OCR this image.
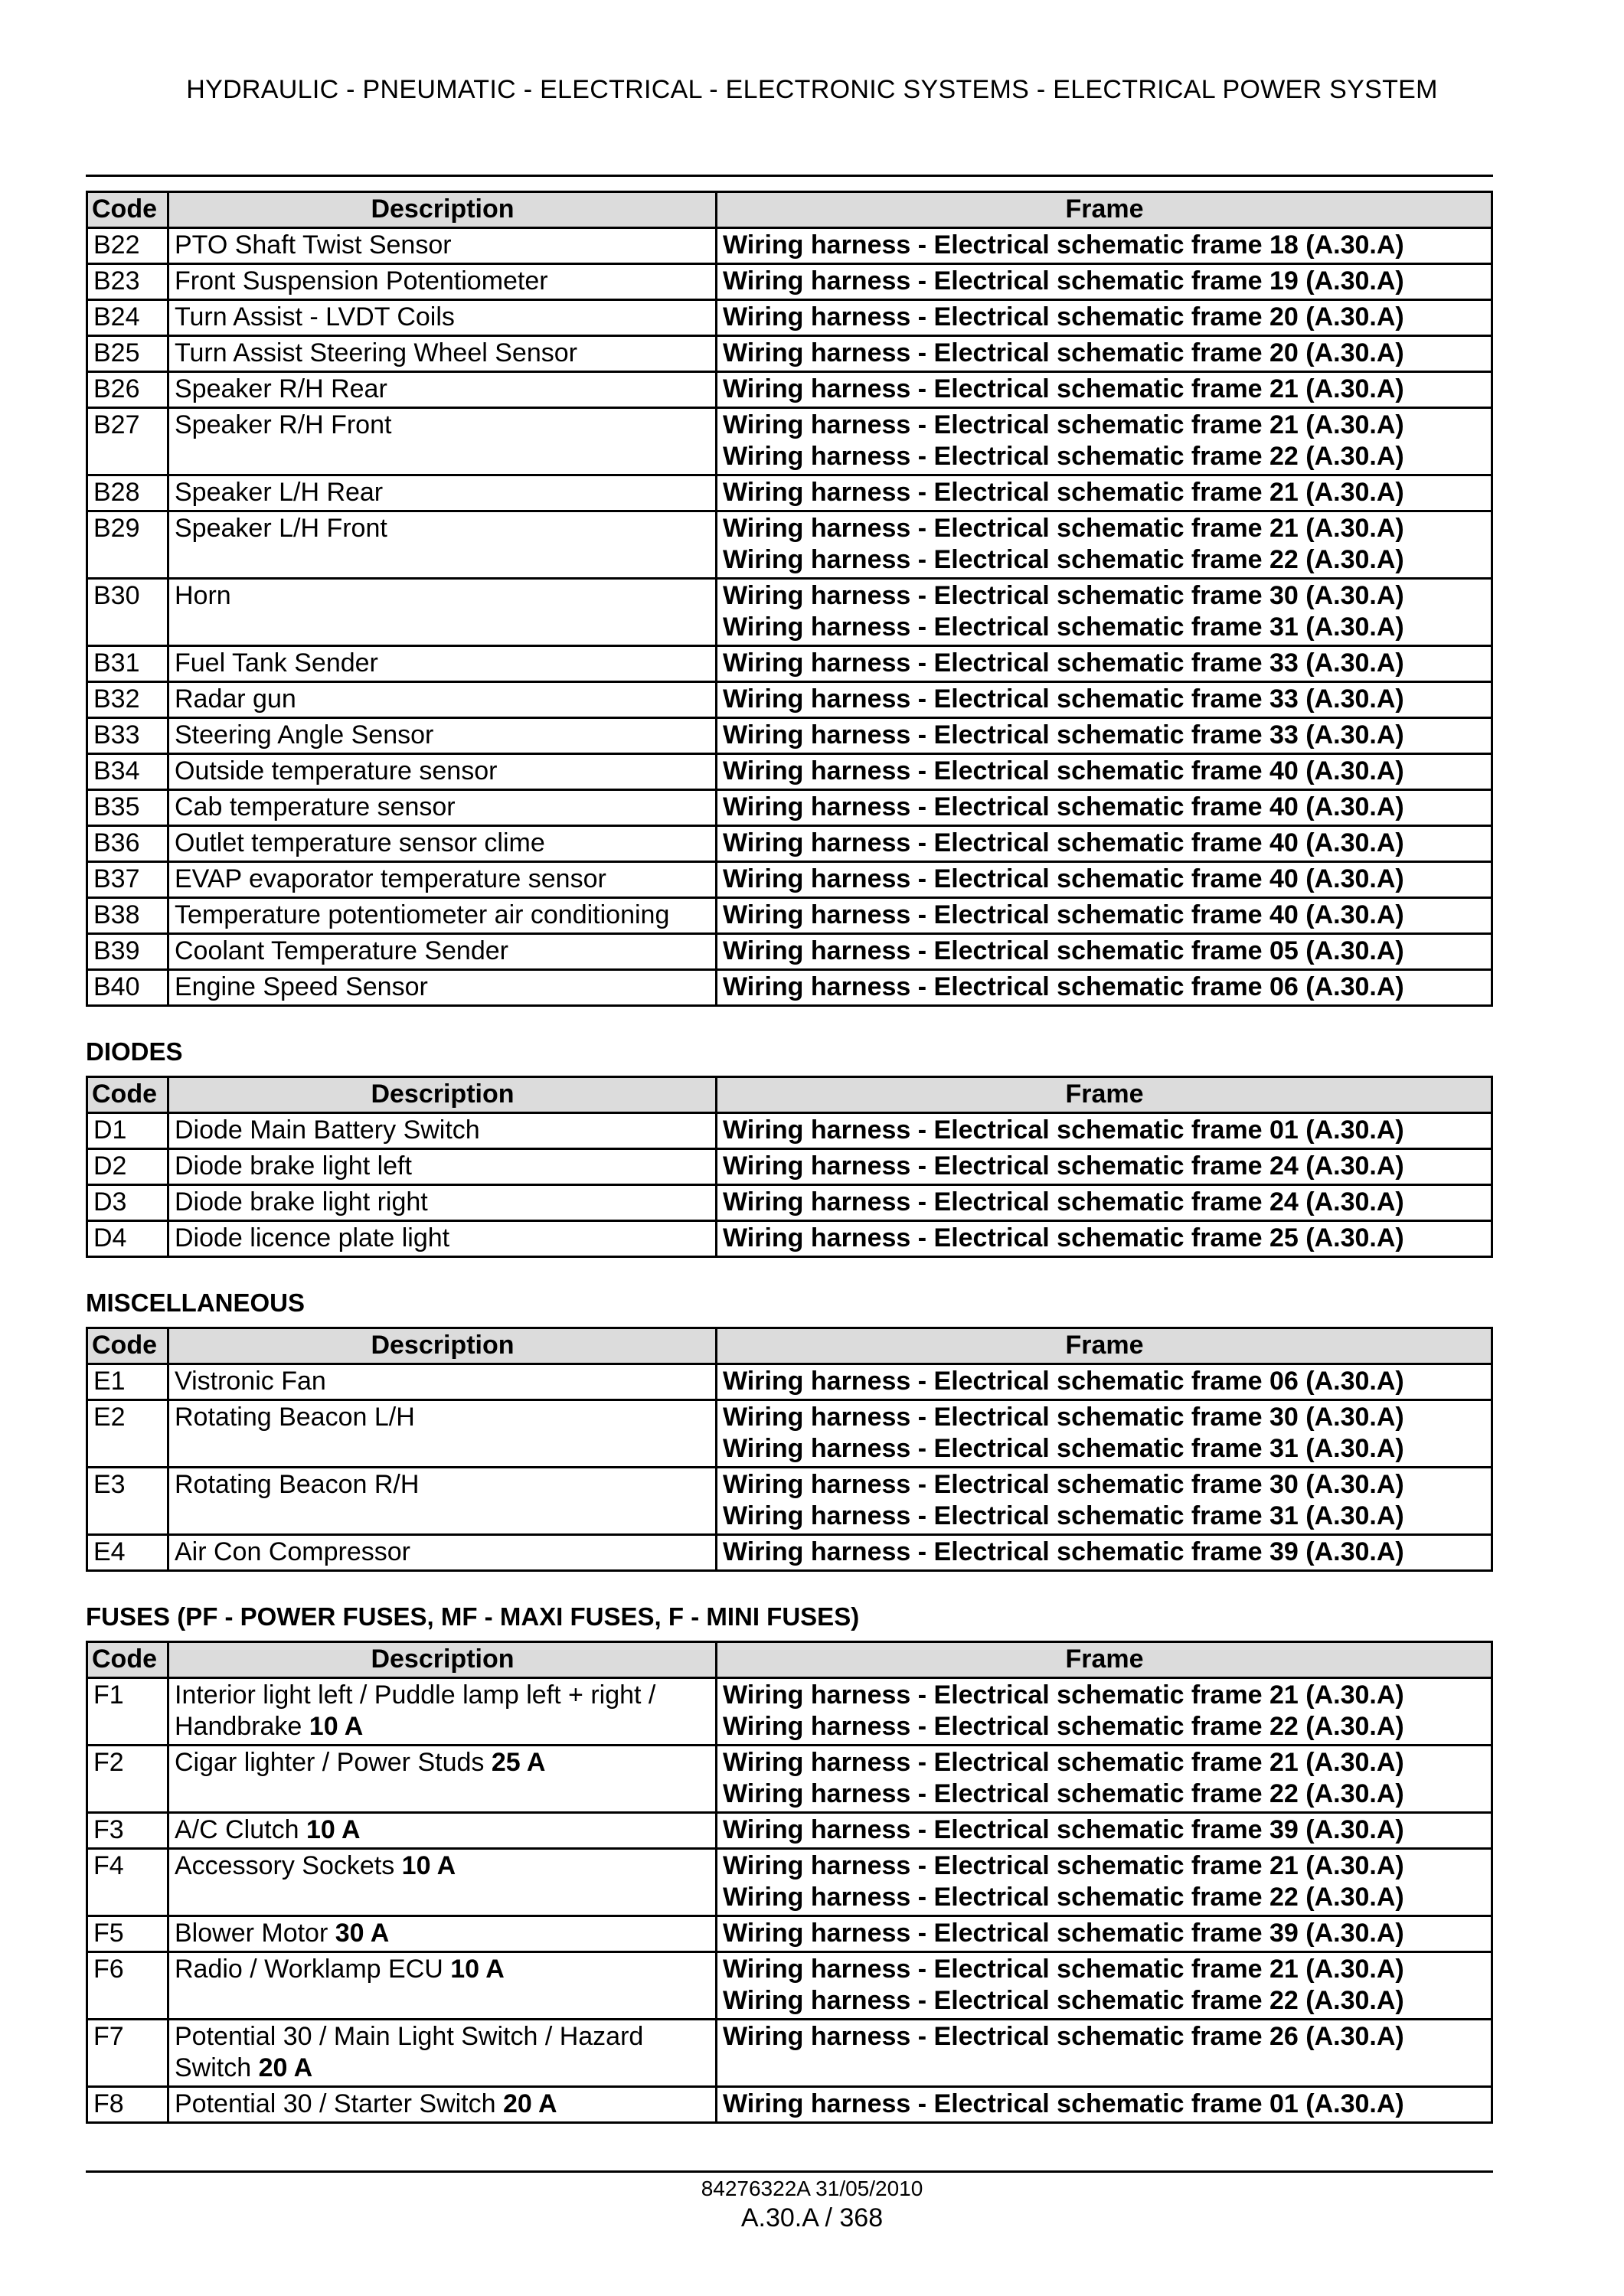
HYDRAULIC - PNEUMATIC - ELECTRICAL - ELECTRONIC SYSTEMS - ELECTRICAL POWER SYSTEM
Code	Description	Frame
B22	PTO Shaft Twist Sensor	Wiring harness - Electrical schematic frame 18 (A.30.A)

B23	Front Suspension Potentiometer	Wiring harness - Electrical schematic frame 19 (A.30.A)

B24	Turn Assist - LVDT Coils	Wiring harness - Electrical schematic frame 20 (A.30.A)

B25	Turn Assist Steering Wheel Sensor	Wiring harness - Electrical schematic frame 20 (A.30.A)

B26	Speaker R/H Rear	Wiring harness - Electrical schematic frame 21 (A.30.A)

B27	Speaker R/H Front	Wiring harness - Electrical schematic frame 21 (A.30.A)
Wiring harness - Electrical schematic frame 22 (A.30.A)

B28	Speaker L/H Rear	Wiring harness - Electrical schematic frame 21 (A.30.A)

B29	Speaker L/H Front	Wiring harness - Electrical schematic frame 21 (A.30.A)
Wiring harness - Electrical schematic frame 22 (A.30.A)

B30	Horn	Wiring harness - Electrical schematic frame 30 (A.30.A)
Wiring harness - Electrical schematic frame 31 (A.30.A)

B31	Fuel Tank Sender	Wiring harness - Electrical schematic frame 33 (A.30.A)

B32	Radar gun	Wiring harness - Electrical schematic frame 33 (A.30.A)

B33	Steering Angle Sensor	Wiring harness - Electrical schematic frame 33 (A.30.A)

B34	Outside temperature sensor	Wiring harness - Electrical schematic frame 40 (A.30.A)

B35	Cab temperature sensor	Wiring harness - Electrical schematic frame 40 (A.30.A)

B36	Outlet temperature sensor clime	Wiring harness - Electrical schematic frame 40 (A.30.A)

B37	EVAP evaporator temperature sensor	Wiring harness - Electrical schematic frame 40 (A.30.A)

B38	Temperature potentiometer air conditioning	Wiring harness - Electrical schematic frame 40 (A.30.A)

B39	Coolant Temperature Sender	Wiring harness - Electrical schematic frame 05 (A.30.A)

B40	Engine Speed Sensor	Wiring harness - Electrical schematic frame 06 (A.30.A)
DIODES
Code	Description	Frame
D1	Diode Main Battery Switch	Wiring harness - Electrical schematic frame 01 (A.30.A)

D2	Diode brake light left	Wiring harness - Electrical schematic frame 24 (A.30.A)

D3	Diode brake light right	Wiring harness - Electrical schematic frame 24 (A.30.A)

D4	Diode licence plate light	Wiring harness - Electrical schematic frame 25 (A.30.A)
MISCELLANEOUS
Code	Description	Frame
E1	Vistronic Fan	Wiring harness - Electrical schematic frame 06 (A.30.A)

E2	Rotating Beacon L/H	Wiring harness - Electrical schematic frame 30 (A.30.A)
Wiring harness - Electrical schematic frame 31 (A.30.A)

E3	Rotating Beacon R/H	Wiring harness - Electrical schematic frame 30 (A.30.A)
Wiring harness - Electrical schematic frame 31 (A.30.A)

E4	Air Con Compressor	Wiring harness - Electrical schematic frame 39 (A.30.A)
FUSES (PF - POWER FUSES, MF - MAXI FUSES, F - MINI FUSES)
Code	Description	Frame
F1	Interior light left / Puddle lamp left + right / Handbrake 10 A	Wiring harness - Electrical schematic frame 21 (A.30.A)
Wiring harness - Electrical schematic frame 22 (A.30.A)

F2	Cigar lighter / Power Studs 25 A	Wiring harness - Electrical schematic frame 21 (A.30.A)
Wiring harness - Electrical schematic frame 22 (A.30.A)

F3	A/C Clutch 10 A	Wiring harness - Electrical schematic frame 39 (A.30.A)

F4	Accessory Sockets 10 A	Wiring harness - Electrical schematic frame 21 (A.30.A)
Wiring harness - Electrical schematic frame 22 (A.30.A)

F5	Blower Motor 30 A	Wiring harness - Electrical schematic frame 39 (A.30.A)

F6	Radio / Worklamp ECU 10 A	Wiring harness - Electrical schematic frame 21 (A.30.A)
Wiring harness - Electrical schematic frame 22 (A.30.A)

F7	Potential 30 / Main Light Switch / Hazard Switch 20 A	Wiring harness - Electrical schematic frame 26 (A.30.A)

F8	Potential 30 / Starter Switch 20 A	Wiring harness - Electrical schematic frame 01 (A.30.A)
84276322A 31/05/2010
A.30.A / 368
